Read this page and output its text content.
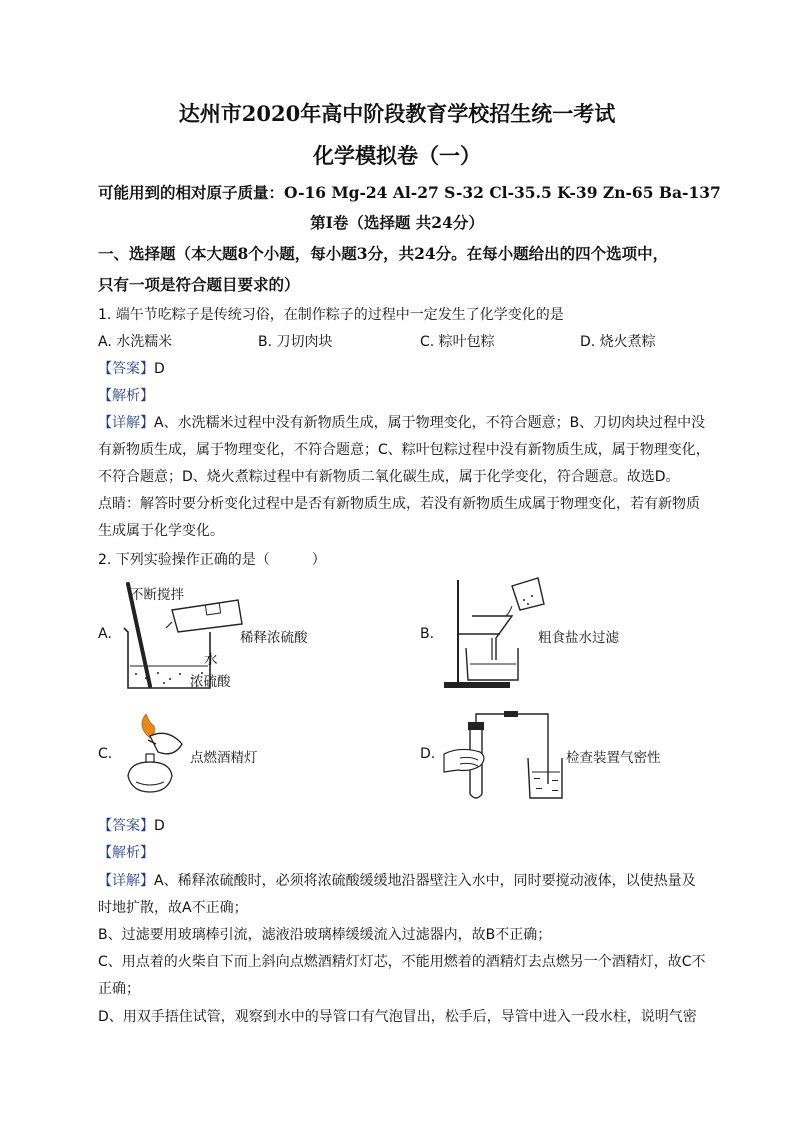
达州市2020年高中阶段教育学校招生统一考试
化学模拟卷（一）
可能用到的相对原子质量：O-16 Mg-24 Al-27 S-32 Cl-35.5 K-39 Zn-65 Ba-137
第Ⅰ卷（选择题 共24分）
一、选择题（本大题8个小题，每小题3分，共24分。在每小题给出的四个选项中，
只有一项是符合题目要求的）
1. 端午节吃粽子是传统习俗，在制作粽子的过程中一定发生了化学变化的是
A. 水洗糯米	B. 刀切肉块	C. 粽叶包粽	D. 烧火煮粽
【答案】D
【解析】
【详解】A、水洗糯米过程中没有新物质生成，属于物理变化，不符合题意；B、刀切肉块过程中没
有新物质生成，属于物理变化，不符合题意；C、粽叶包粽过程中没有新物质生成，属于物理变化，
不符合题意；D、烧火煮粽过程中有新物质二氧化碳生成，属于化学变化，符合题意。故选D。
点睛：解答时要分析变化过程中是否有新物质生成，若没有新物质生成属于物理变化，若有新物质
生成属于化学变化。
2. 下列实验操作正确的是（　　　）
A.
不断搅拌
稀释浓硫酸
水
浓硫酸
B.	粗食盐水过滤
C.	点燃酒精灯	D.	检查装置气密性
【答案】D
【解析】
【详解】A、稀释浓硫酸时，必须将浓硫酸缓缓地沿器壁注入水中，同时要搅动液体，以使热量及
时地扩散，故A不正确；
B、过滤要用玻璃棒引流，滤液沿玻璃棒缓缓流入过滤器内，故B不正确；
C、用点着的火柴自下而上斜向点燃酒精灯灯芯，不能用燃着的酒精灯去点燃另一个酒精灯，故C不
正确；
D、用双手捂住试管，观察到水中的导管口有气泡冒出，松手后，导管中进入一段水柱，说明气密
